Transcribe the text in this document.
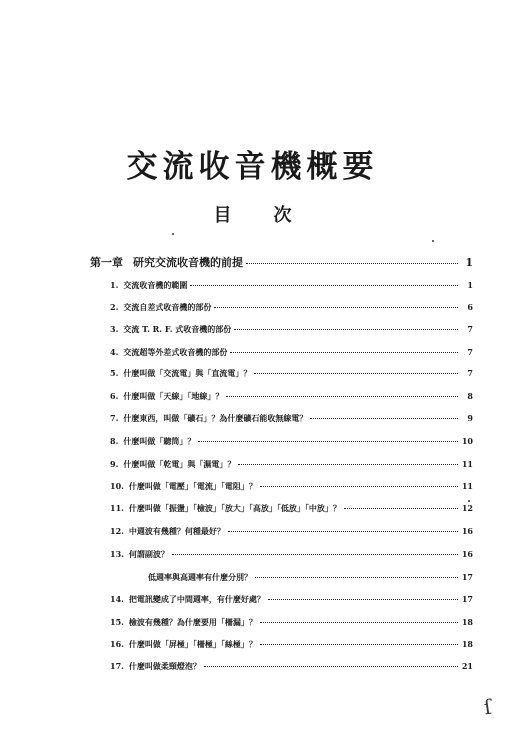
交流收音機概要
目次
第一章 研究交流收音機的前提	1
1. 交流收音機的範圍	1
2. 交流自差式收音機的部份	6
3. 交流 T. R. F. 式收音機的部份	7
4. 交流超等外差式收音機的部份	7
5. 什麼叫做「交流電」與「直流電」？	7
6. 什麼叫做「天線」「地線」？	8
7. 什麼東西，叫做「礦石」？為什麼礦石能收無線電？	9
8. 什麼叫做「聽筒」？	10
9. 什麼叫做「乾電」與「濕電」？	11
10. 什麼叫做「電壓」「電流」「電阻」？	11
11. 什麼叫做「振盪」「檢波」「放大」「高放」「低放」「中放」？	12
12. 中週波有幾種？何種最好？	16
13. 何謂副波？	16
低週率與高週率有什麼分別？	17
14. 把電訊變成了中間週率，有什麼好處？	17
15. 檢波有幾種？為什麼要用「柵漏」？	18
16. 什麼叫做「屏極」「柵極」「絲極」？	18
17. 什麼叫做柔頸燈泡？	21
ſ
